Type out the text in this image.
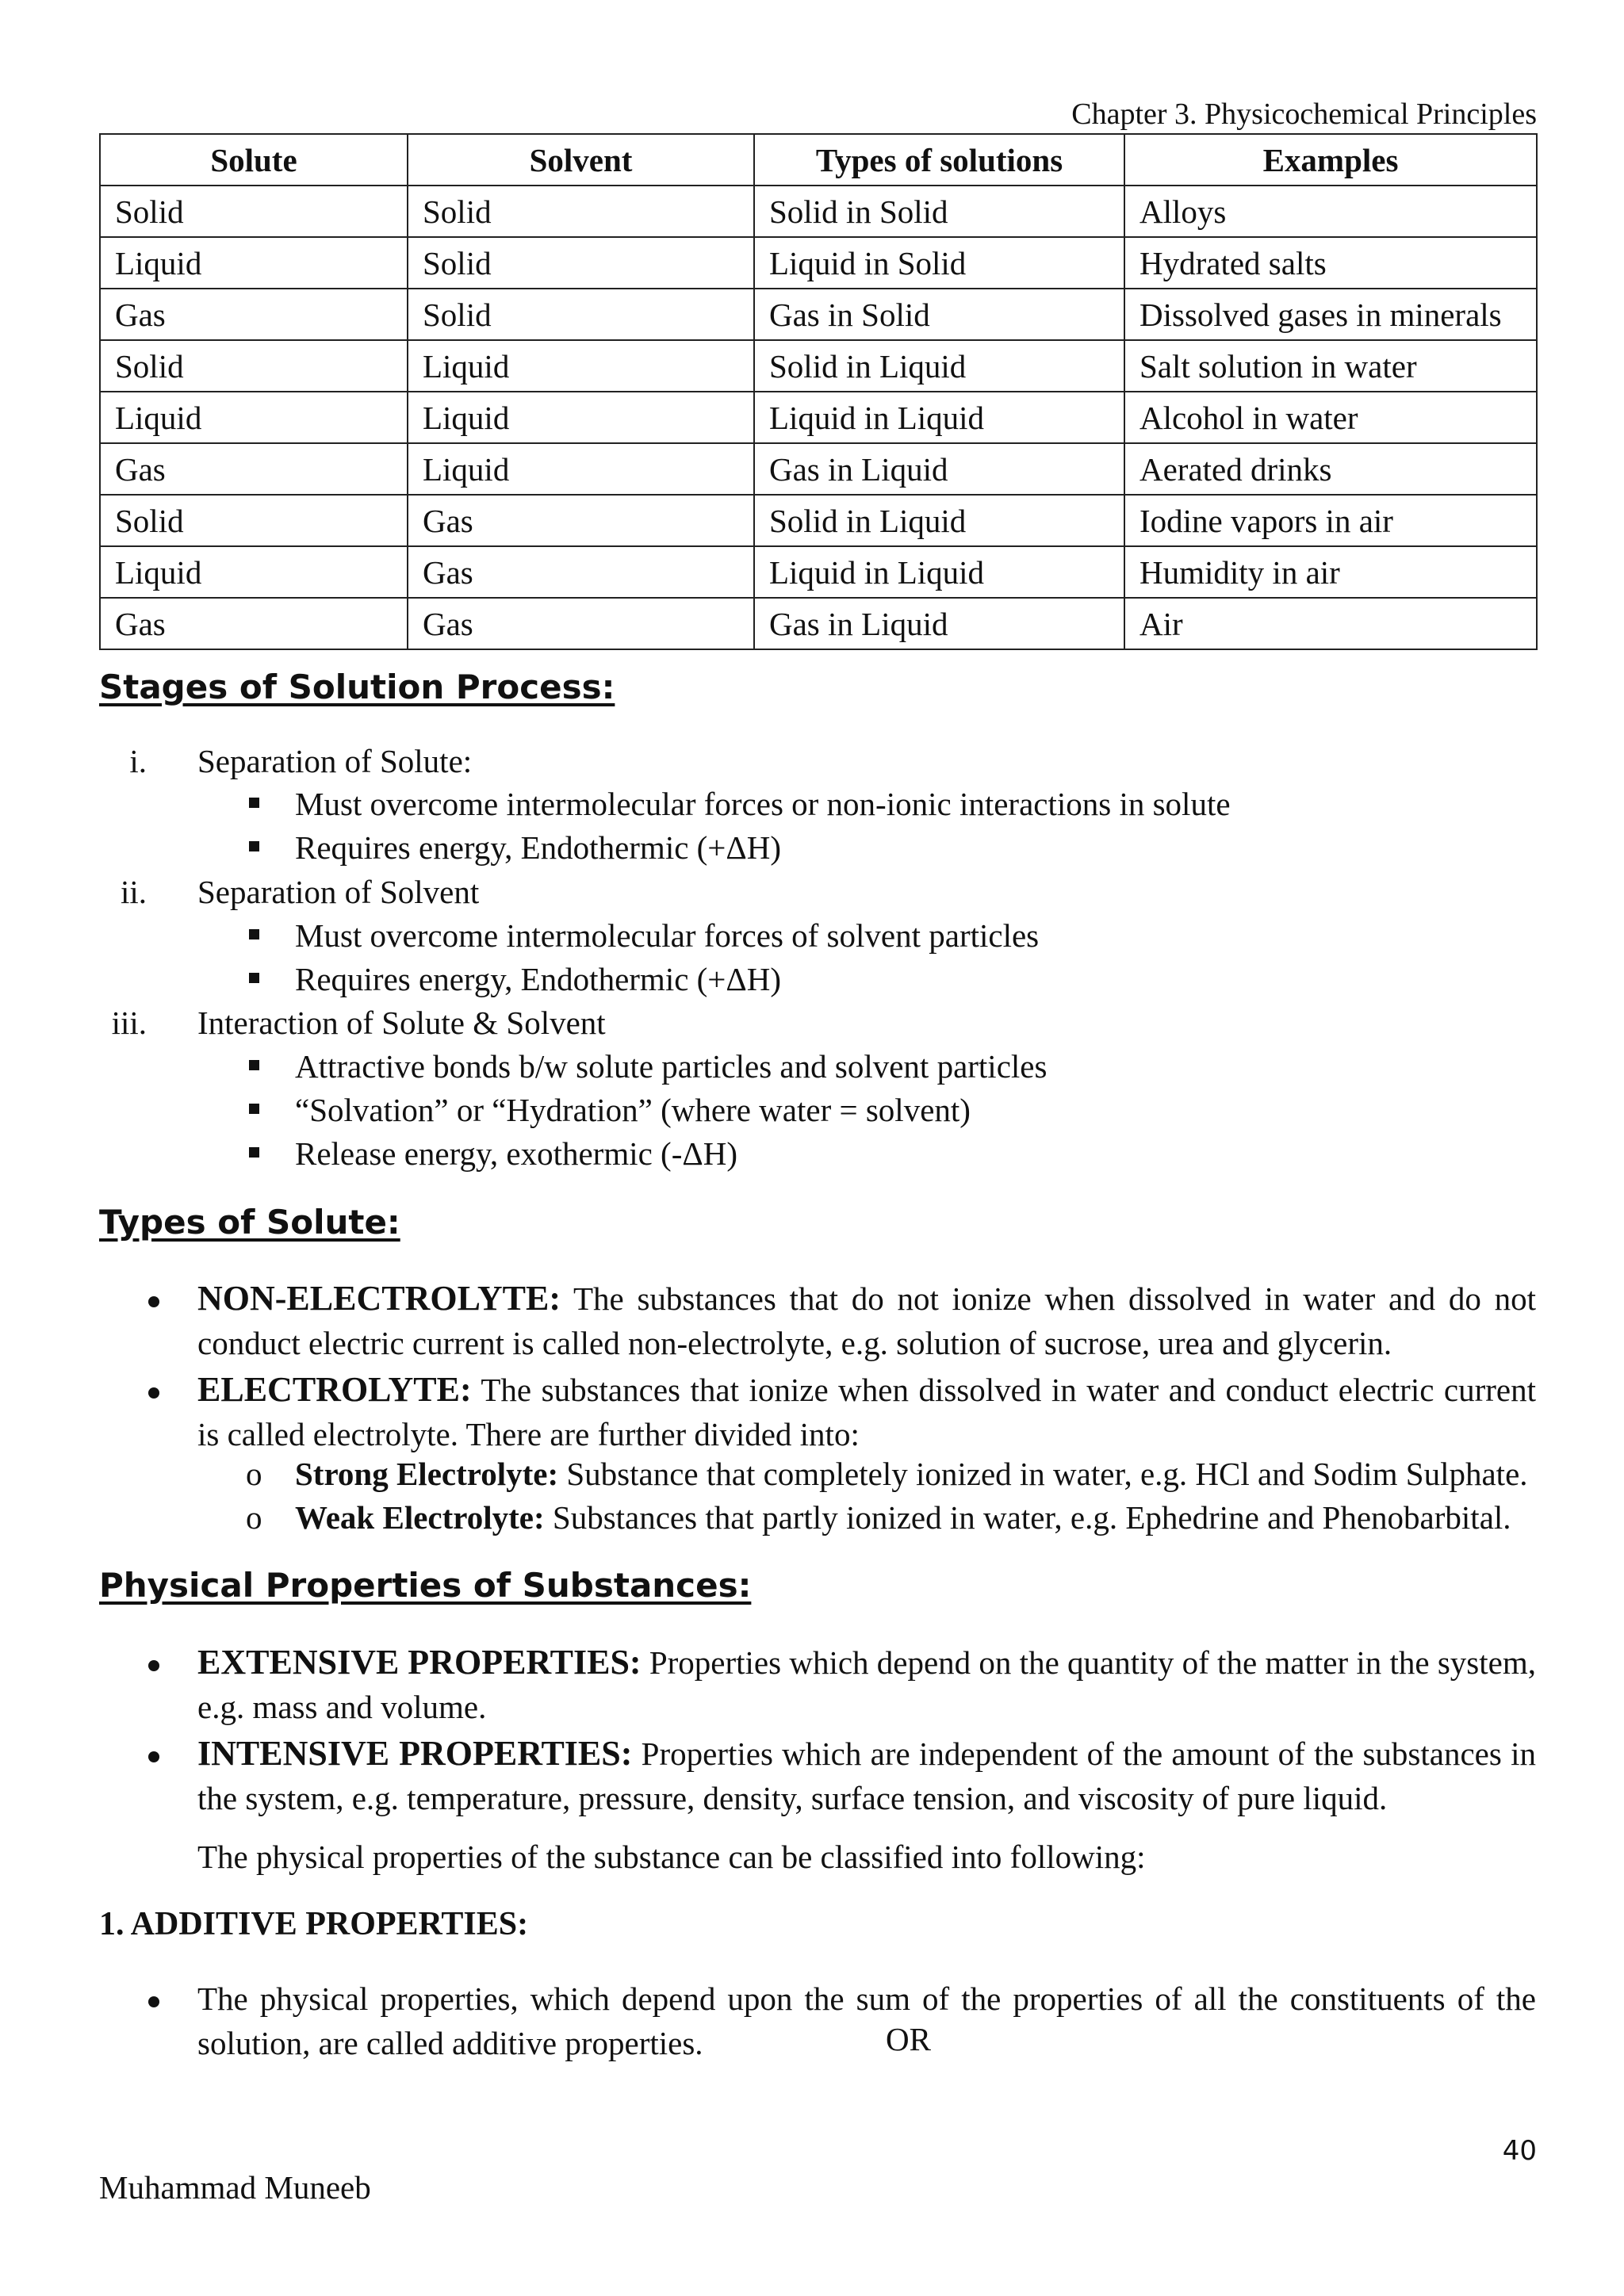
Chapter 3. Physicochemical Principles
Solute	Solvent	Types of solutions	Examples
Solid	Solid	Solid in Solid	Alloys
Liquid	Solid	Liquid in Solid	Hydrated salts
Gas	Solid	Gas in Solid	Dissolved gases in minerals
Solid	Liquid	Solid in Liquid	Salt solution in water
Liquid	Liquid	Liquid in Liquid	Alcohol in water
Gas	Liquid	Gas in Liquid	Aerated drinks
Solid	Gas	Solid in Liquid	Iodine vapors in air
Liquid	Gas	Liquid in Liquid	Humidity in air
Gas	Gas	Gas in Liquid	Air
Stages of Solution Process:
i. Separation of Solute:
Must overcome intermolecular forces or non-ionic interactions in solute
Requires energy, Endothermic (+ΔH)
ii. Separation of Solvent
Must overcome intermolecular forces of solvent particles
Requires energy, Endothermic (+ΔH)
iii. Interaction of Solute & Solvent
Attractive bonds b/w solute particles and solvent particles
“Solvation” or “Hydration” (where water = solvent)
Release energy, exothermic (-ΔH)
Types of Solute:
NON-ELECTROLYTE: The substances that do not ionize when dissolved in water and do not conduct electric current is called non-electrolyte, e.g. solution of sucrose, urea and glycerin.
ELECTROLYTE: The substances that ionize when dissolved in water and conduct electric current is called electrolyte. There are further divided into:
o Strong Electrolyte: Substance that completely ionized in water, e.g. HCl and Sodim Sulphate.
o Weak Electrolyte: Substances that partly ionized in water, e.g. Ephedrine and Phenobarbital.
Physical Properties of Substances:
EXTENSIVE PROPERTIES: Properties which depend on the quantity of the matter in the system, e.g. mass and volume.
INTENSIVE PROPERTIES: Properties which are independent of the amount of the substances in the system, e.g. temperature, pressure, density, surface tension, and viscosity of pure liquid.
The physical properties of the substance can be classified into following:
1. ADDITIVE PROPERTIES:
The physical properties, which depend upon the sum of the properties of all the constituents of the solution, are called additive properties.	OR
40
Muhammad Muneeb
